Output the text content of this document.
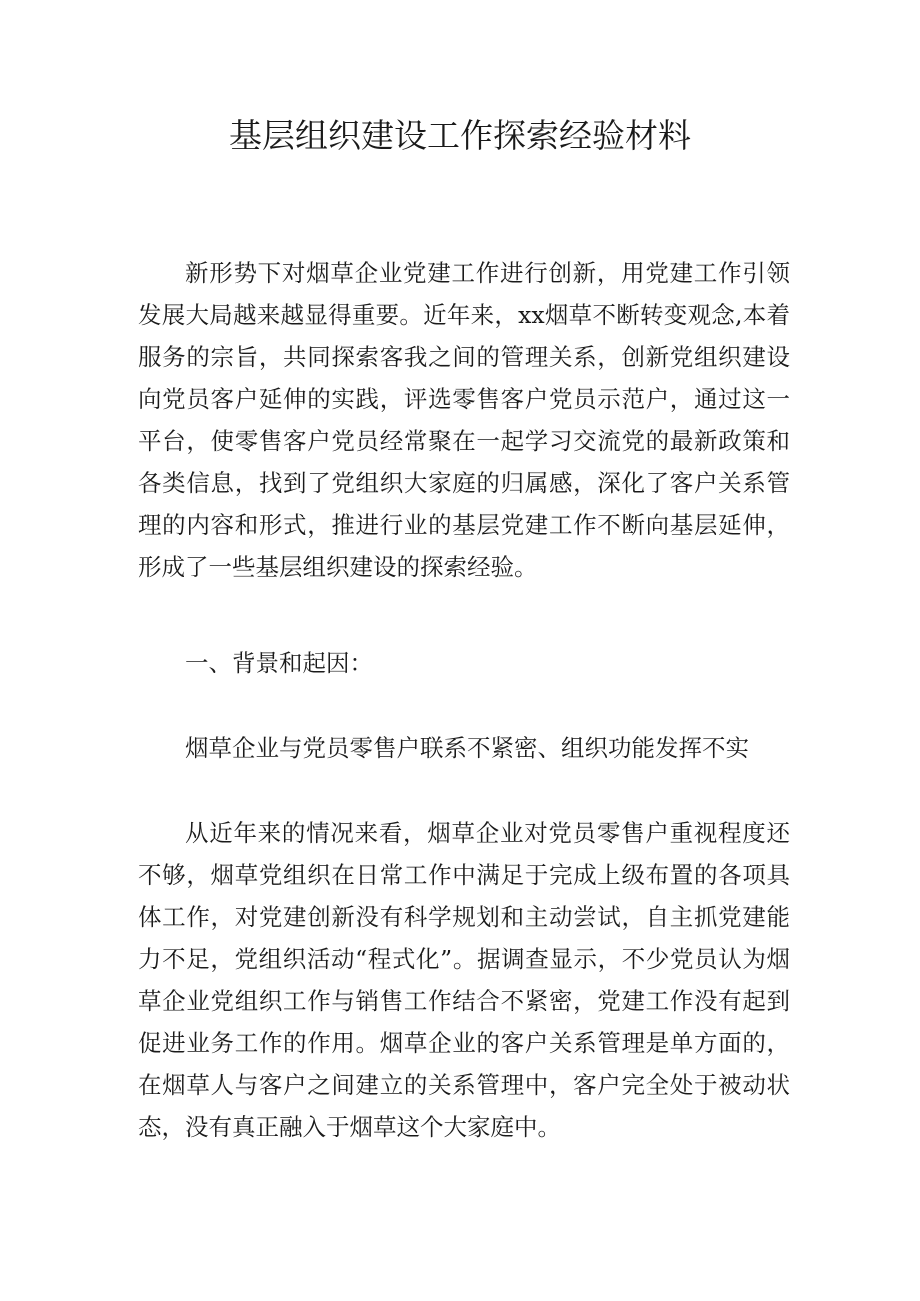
基层组织建设工作探索经验材料

新形势下对烟草企业党建工作进行创新，用党建工作引领发展大局越来越显得重要。近年来，xx烟草不断转变观念,本着服务的宗旨，共同探索客我之间的管理关系，创新党组织建设向党员客户延伸的实践，评选零售客户党员示范户，通过这一平台，使零售客户党员经常聚在一起学习交流党的最新政策和各类信息，找到了党组织大家庭的归属感，深化了客户关系管理的内容和形式，推进行业的基层党建工作不断向基层延伸，形成了一些基层组织建设的探索经验。

一、背景和起因：

烟草企业与党员零售户联系不紧密、组织功能发挥不实

从近年来的情况来看，烟草企业对党员零售户重视程度还不够，烟草党组织在日常工作中满足于完成上级布置的各项具体工作，对党建创新没有科学规划和主动尝试，自主抓党建能力不足，党组织活动“程式化”。据调查显示，不少党员认为烟草企业党组织工作与销售工作结合不紧密，党建工作没有起到促进业务工作的作用。烟草企业的客户关系管理是单方面的，在烟草人与客户之间建立的关系管理中，客户完全处于被动状态，没有真正融入于烟草这个大家庭中。
